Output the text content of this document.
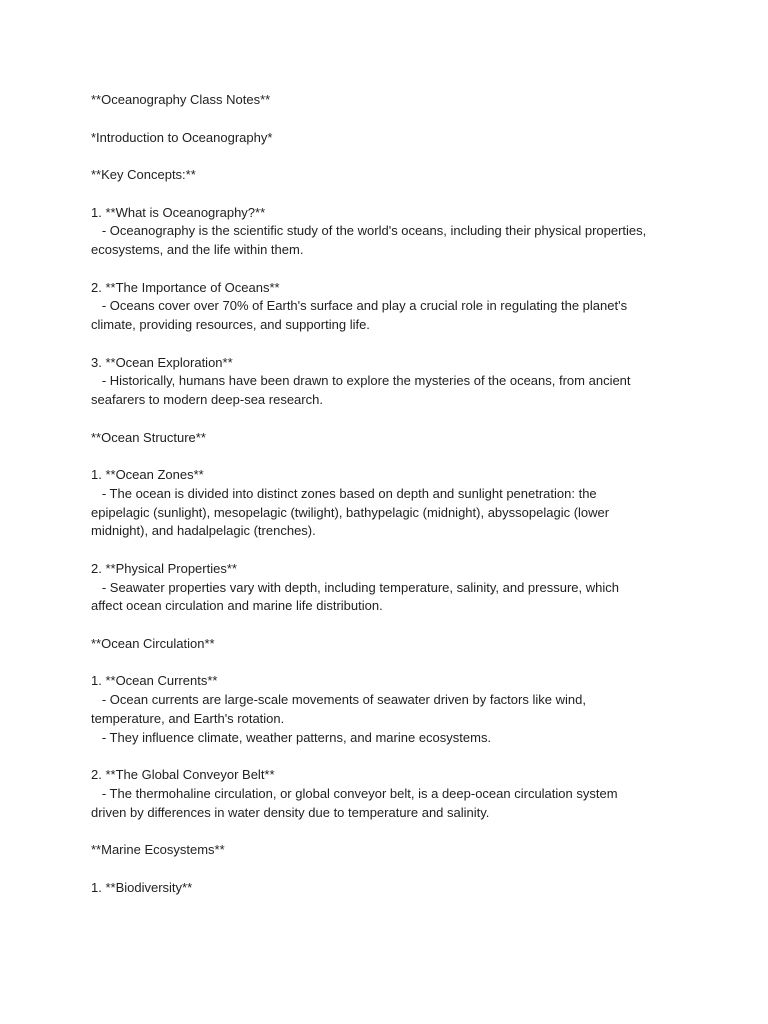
**Oceanography Class Notes**

*Introduction to Oceanography*

**Key Concepts:**

1. **What is Oceanography?**
- Oceanography is the scientific study of the world's oceans, including their physical properties, ecosystems, and the life within them.

2. **The Importance of Oceans**
- Oceans cover over 70% of Earth's surface and play a crucial role in regulating the planet's climate, providing resources, and supporting life.

3. **Ocean Exploration**
- Historically, humans have been drawn to explore the mysteries of the oceans, from ancient seafarers to modern deep-sea research.

**Ocean Structure**

1. **Ocean Zones**
- The ocean is divided into distinct zones based on depth and sunlight penetration: the epipelagic (sunlight), mesopelagic (twilight), bathypelagic (midnight), abyssopelagic (lower midnight), and hadalpelagic (trenches).

2. **Physical Properties**
- Seawater properties vary with depth, including temperature, salinity, and pressure, which affect ocean circulation and marine life distribution.

**Ocean Circulation**

1. **Ocean Currents**
- Ocean currents are large-scale movements of seawater driven by factors like wind, temperature, and Earth's rotation.
- They influence climate, weather patterns, and marine ecosystems.

2. **The Global Conveyor Belt**
- The thermohaline circulation, or global conveyor belt, is a deep-ocean circulation system driven by differences in water density due to temperature and salinity.

**Marine Ecosystems**

1. **Biodiversity**
